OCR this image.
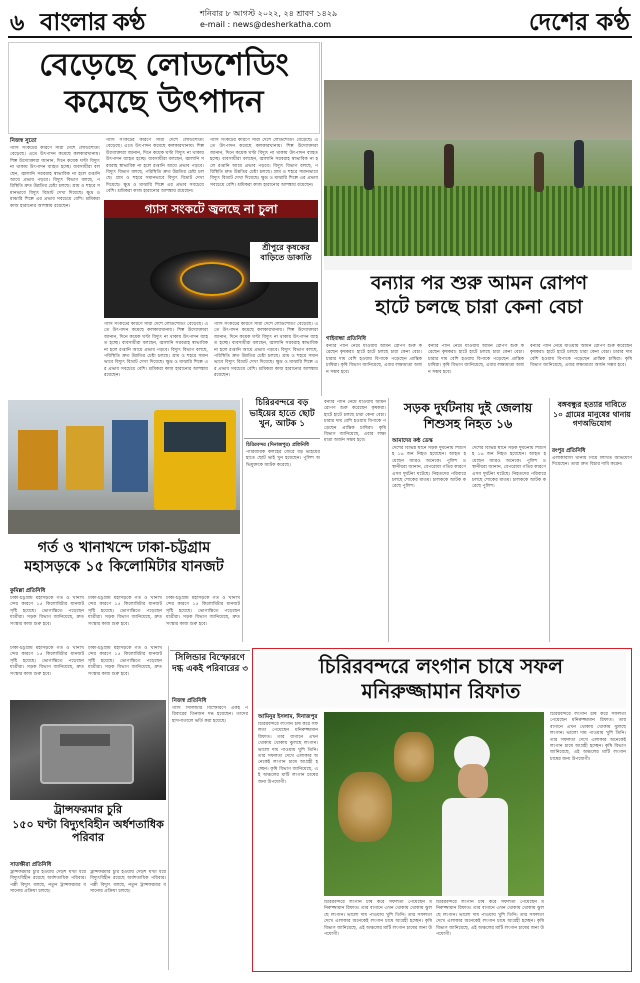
৬ বাংলার কণ্ঠ	শনিবার ৮ আগস্ট ২০২২, ২৪ শ্রাবণ ১৪২৯
e-mail : news@desherkatha.com	দেশের কণ্ঠ
বেড়েছে লোডশেডিং
কমেছে উৎপাদন
নিজস্ব সুতো
গ্যাস সংকটের কারণে সারা দেশে লোডশেডিং বেড়েছে। এতে উৎপাদন কমেছে কলকারখানায়। শিল্প উদ্যোক্তারা জানান, দিনে কয়েক ঘণ্টা বিদ্যুৎ না থাকায় উৎপাদন ব্যাহত হচ্ছে। ব্যবসায়ীরা বলছেন, জ্বালানি সরবরাহ স্বাভাবিক না হলে রপ্তানি আয়ে প্রভাব পড়বে। বিদ্যুৎ বিভাগ বলছে, পরিস্থিতি দ্রুত উন্নতির চেষ্টা চলছে। গ্রাম ও শহরে সমানভাবে বিদ্যুৎ বিভ্রাট দেখা দিয়েছে। ক্ষুদ্র ও মাঝারি শিল্পে এর প্রভাব সবচেয়ে বেশি। শ্রমিকরা কাজ হারানোর আশঙ্কায় রয়েছেন।
গ্যাস সংকটের কারণে সারা দেশে লোডশেডিং বেড়েছে। এতে উৎপাদন কমেছে কলকারখানায়। শিল্প উদ্যোক্তারা জানান, দিনে কয়েক ঘণ্টা বিদ্যুৎ না থাকায় উৎপাদন ব্যাহত হচ্ছে। ব্যবসায়ীরা বলছেন, জ্বালানি সরবরাহ স্বাভাবিক না হলে রপ্তানি আয়ে প্রভাব পড়বে। বিদ্যুৎ বিভাগ বলছে, পরিস্থিতি দ্রুত উন্নতির চেষ্টা চলছে। গ্রাম ও শহরে সমানভাবে বিদ্যুৎ বিভ্রাট দেখা দিয়েছে। ক্ষুদ্র ও মাঝারি শিল্পে এর প্রভাব সবচেয়ে বেশি। শ্রমিকরা কাজ হারানোর আশঙ্কায় রয়েছেন।
গ্যাস সংকটের কারণে সারা দেশে লোডশেডিং বেড়েছে। এতে উৎপাদন কমেছে কলকারখানায়। শিল্প উদ্যোক্তারা জানান, দিনে কয়েক ঘণ্টা বিদ্যুৎ না থাকায় উৎপাদন ব্যাহত হচ্ছে। ব্যবসায়ীরা বলছেন, জ্বালানি সরবরাহ স্বাভাবিক না হলে রপ্তানি আয়ে প্রভাব পড়বে। বিদ্যুৎ বিভাগ বলছে, পরিস্থিতি দ্রুত উন্নতির চেষ্টা চলছে। গ্রাম ও শহরে সমানভাবে বিদ্যুৎ বিভ্রাট দেখা দিয়েছে। ক্ষুদ্র ও মাঝারি শিল্পে এর প্রভাব সবচেয়ে বেশি। শ্রমিকরা কাজ হারানোর আশঙ্কায় রয়েছেন।
গ্যাস সংকটে জ্বলছে না চুলা
গ্যাস সংকটের কারণে সারা দেশে লোডশেডিং বেড়েছে। এতে উৎপাদন কমেছে কলকারখানায়। শিল্প উদ্যোক্তারা জানান, দিনে কয়েক ঘণ্টা বিদ্যুৎ না থাকায় উৎপাদন ব্যাহত হচ্ছে। ব্যবসায়ীরা বলছেন, জ্বালানি সরবরাহ স্বাভাবিক না হলে রপ্তানি আয়ে প্রভাব পড়বে। বিদ্যুৎ বিভাগ বলছে, পরিস্থিতি দ্রুত উন্নতির চেষ্টা চলছে। গ্রাম ও শহরে সমানভাবে বিদ্যুৎ বিভ্রাট দেখা দিয়েছে। ক্ষুদ্র ও মাঝারি শিল্পে এর প্রভাব সবচেয়ে বেশি। শ্রমিকরা কাজ হারানোর আশঙ্কায় রয়েছেন।
গ্যাস সংকটের কারণে সারা দেশে লোডশেডিং বেড়েছে। এতে উৎপাদন কমেছে কলকারখানায়। শিল্প উদ্যোক্তারা জানান, দিনে কয়েক ঘণ্টা বিদ্যুৎ না থাকায় উৎপাদন ব্যাহত হচ্ছে। ব্যবসায়ীরা বলছেন, জ্বালানি সরবরাহ স্বাভাবিক না হলে রপ্তানি আয়ে প্রভাব পড়বে। বিদ্যুৎ বিভাগ বলছে, পরিস্থিতি দ্রুত উন্নতির চেষ্টা চলছে। গ্রাম ও শহরে সমানভাবে বিদ্যুৎ বিভ্রাট দেখা দিয়েছে। ক্ষুদ্র ও মাঝারি শিল্পে এর প্রভাব সবচেয়ে বেশি। শ্রমিকরা কাজ হারানোর আশঙ্কায় রয়েছেন।
শ্রীপুরে কৃষকের বাড়িতে ডাকাতি
বন্যার পর শুরু আমন রোপণ
হাটে চলছে চারা কেনা বেচা
গাইবান্ধা প্রতিনিধি
বন্যার পানি নেমে যাওয়ায় আমন রোপণ শুরু করেছেন কৃষকরা। হাটে হাটে চলছে চারা কেনা বেচা। চারার দাম বেশি হওয়ায় বিপাকে পড়েছেন প্রান্তিক চাষিরা। কৃষি বিভাগ জানিয়েছে, এবার লক্ষ্যমাত্রা অর্জন সম্ভব হবে।
বন্যার পানি নেমে যাওয়ায় আমন রোপণ শুরু করেছেন কৃষকরা। হাটে হাটে চলছে চারা কেনা বেচা। চারার দাম বেশি হওয়ায় বিপাকে পড়েছেন প্রান্তিক চাষিরা। কৃষি বিভাগ জানিয়েছে, এবার লক্ষ্যমাত্রা অর্জন সম্ভব হবে।
বন্যার পানি নেমে যাওয়ায় আমন রোপণ শুরু করেছেন কৃষকরা। হাটে হাটে চলছে চারা কেনা বেচা। চারার দাম বেশি হওয়ায় বিপাকে পড়েছেন প্রান্তিক চাষিরা। কৃষি বিভাগ জানিয়েছে, এবার লক্ষ্যমাত্রা অর্জন সম্ভব হবে।
সড়ক দুর্ঘটনায় দুই জেলায় শিশুসহ নিহত ১৬
আমাদের কন্ঠ ডেস্ক
দেশের বিভিন্ন স্থানে সড়ক দুর্ঘটনায় শিশুসহ ১৬ জন নিহত হয়েছেন। আহত হয়েছেন আরও অনেকে। পুলিশ ও স্থানীয়রা জানান, বেপরোয়া গতির কারণে এসব দুর্ঘটনা ঘটেছে। নিহতদের পরিবারে চলছে শোকের মাতম। চালককে আটক করেছে পুলিশ।
দেশের বিভিন্ন স্থানে সড়ক দুর্ঘটনায় শিশুসহ ১৬ জন নিহত হয়েছেন। আহত হয়েছেন আরও অনেকে। পুলিশ ও স্থানীয়রা জানান, বেপরোয়া গতির কারণে এসব দুর্ঘটনা ঘটেছে। নিহতদের পরিবারে চলছে শোকের মাতম। চালককে আটক করেছে পুলিশ।
বঙ্গবন্ধুর হত্যার দাবিতে ১০ গ্রামের মানুষের থানায় গণঅভিযোগ
রংপুর প্রতিনিধি
এলাকাবাসী থানায় গিয়ে লিখিত অভিযোগ দিয়েছেন। তারা দ্রুত বিচার দাবি করেন।
বন্যার পানি নেমে যাওয়ায় আমন রোপণ শুরু করেছেন কৃষকরা। হাটে হাটে চলছে চারা কেনা বেচা। চারার দাম বেশি হওয়ায় বিপাকে পড়েছেন প্রান্তিক চাষিরা। কৃষি বিভাগ জানিয়েছে, এবার লক্ষ্যমাত্রা অর্জন সম্ভব হবে।
চিরিরবন্দরে বড় ভাইয়ের হাতে ছোট খুন, আটক ১
চিরিরবন্দর (দিনাজপুর) প্রতিনিধি
পারিবারিক কলহের জেরে বড় ভাইয়ের হাতে ছোট ভাই খুন হয়েছেন। পুলিশ অভিযুক্তকে আটক করেছে।
গর্ত ও খানাখন্দে ঢাকা-চট্টগ্রাম
মহাসড়কে ১৫ কিলোমিটার যানজট
কুমিল্লা প্রতিনিধি
ঢাকা-চট্টগ্রাম মহাসড়কে গর্ত ও খানাখন্দের কারণে ১৫ কিলোমিটার যানজট সৃষ্টি হয়েছে। ভোগান্তিতে পড়েছেন যাত্রীরা। সড়ক বিভাগ জানিয়েছে, দ্রুত সংস্কার কাজ শুরু হবে।
ঢাকা-চট্টগ্রাম মহাসড়কে গর্ত ও খানাখন্দের কারণে ১৫ কিলোমিটার যানজট সৃষ্টি হয়েছে। ভোগান্তিতে পড়েছেন যাত্রীরা। সড়ক বিভাগ জানিয়েছে, দ্রুত সংস্কার কাজ শুরু হবে।
ঢাকা-চট্টগ্রাম মহাসড়কে গর্ত ও খানাখন্দের কারণে ১৫ কিলোমিটার যানজট সৃষ্টি হয়েছে। ভোগান্তিতে পড়েছেন যাত্রীরা। সড়ক বিভাগ জানিয়েছে, দ্রুত সংস্কার কাজ শুরু হবে।
ঢাকা-চট্টগ্রাম মহাসড়কে গর্ত ও খানাখন্দের কারণে ১৫ কিলোমিটার যানজট সৃষ্টি হয়েছে। ভোগান্তিতে পড়েছেন যাত্রীরা। সড়ক বিভাগ জানিয়েছে, দ্রুত সংস্কার কাজ শুরু হবে।
ঢাকা-চট্টগ্রাম মহাসড়কে গর্ত ও খানাখন্দের কারণে ১৫ কিলোমিটার যানজট সৃষ্টি হয়েছে। ভোগান্তিতে পড়েছেন যাত্রীরা। সড়ক বিভাগ জানিয়েছে, দ্রুত সংস্কার কাজ শুরু হবে।
সিলিন্ডার বিস্ফোরণে দগ্ধ একই পরিবারের ৩
নিজস্ব প্রতিনিধি
গ্যাস সিলিন্ডার বিস্ফোরণে একই পরিবারের তিনজন দগ্ধ হয়েছেন। তাদের হাসপাতালে ভর্তি করা হয়েছে।
ট্রান্সফরমার চুরি
১৫০ ঘণ্টা বিদ্যুৎবিহীন অর্ধশতাধিক পরিবার
সাতক্ষীরা প্রতিনিধি
ট্রান্সফরমার চুরি হওয়ায় দেড়শ ঘণ্টা ধরে বিদ্যুৎবিহীন রয়েছে অর্ধশতাধিক পরিবার। পল্লী বিদ্যুৎ বলছে, নতুন ট্রান্সফরমার বসানোর প্রক্রিয়া চলছে।
ট্রান্সফরমার চুরি হওয়ায় দেড়শ ঘণ্টা ধরে বিদ্যুৎবিহীন রয়েছে অর্ধশতাধিক পরিবার। পল্লী বিদ্যুৎ বলছে, নতুন ট্রান্সফরমার বসানোর প্রক্রিয়া চলছে।
চিরিরবন্দরে লংগান চাষে সফল
মনিরুজ্জামান রিফাত
আমিনুর ইসলাম, দিনাজপুর
চিরিরবন্দরে লংগান চাষ করে সফলতা পেয়েছেন মনিরুজ্জামান রিফাত। তার বাগানে এখন থোকায় থোকায় ঝুলছে লংগান। ভালো দাম পাওয়ায় খুশি তিনি। তার সফলতা দেখে এলাকার অনেকেই লংগান চাষে আগ্রহী হচ্ছেন। কৃষি বিভাগ জানিয়েছে, এই অঞ্চলের মাটি লংগান চাষের জন্য উপযোগী।
চিরিরবন্দরে লংগান চাষ করে সফলতা পেয়েছেন মনিরুজ্জামান রিফাত। তার বাগানে এখন থোকায় থোকায় ঝুলছে লংগান। ভালো দাম পাওয়ায় খুশি তিনি। তার সফলতা দেখে এলাকার অনেকেই লংগান চাষে আগ্রহী হচ্ছেন। কৃষি বিভাগ জানিয়েছে, এই অঞ্চলের মাটি লংগান চাষের জন্য উপযোগী।
চিরিরবন্দরে লংগান চাষ করে সফলতা পেয়েছেন মনিরুজ্জামান রিফাত। তার বাগানে এখন থোকায় থোকায় ঝুলছে লংগান। ভালো দাম পাওয়ায় খুশি তিনি। তার সফলতা দেখে এলাকার অনেকেই লংগান চাষে আগ্রহী হচ্ছেন। কৃষি বিভাগ জানিয়েছে, এই অঞ্চলের মাটি লংগান চাষের জন্য উপযোগী।
চিরিরবন্দরে লংগান চাষ করে সফলতা পেয়েছেন মনিরুজ্জামান রিফাত। তার বাগানে এখন থোকায় থোকায় ঝুলছে লংগান। ভালো দাম পাওয়ায় খুশি তিনি। তার সফলতা দেখে এলাকার অনেকেই লংগান চাষে আগ্রহী হচ্ছেন। কৃষি বিভাগ জানিয়েছে, এই অঞ্চলের মাটি লংগান চাষের জন্য উপযোগী।
